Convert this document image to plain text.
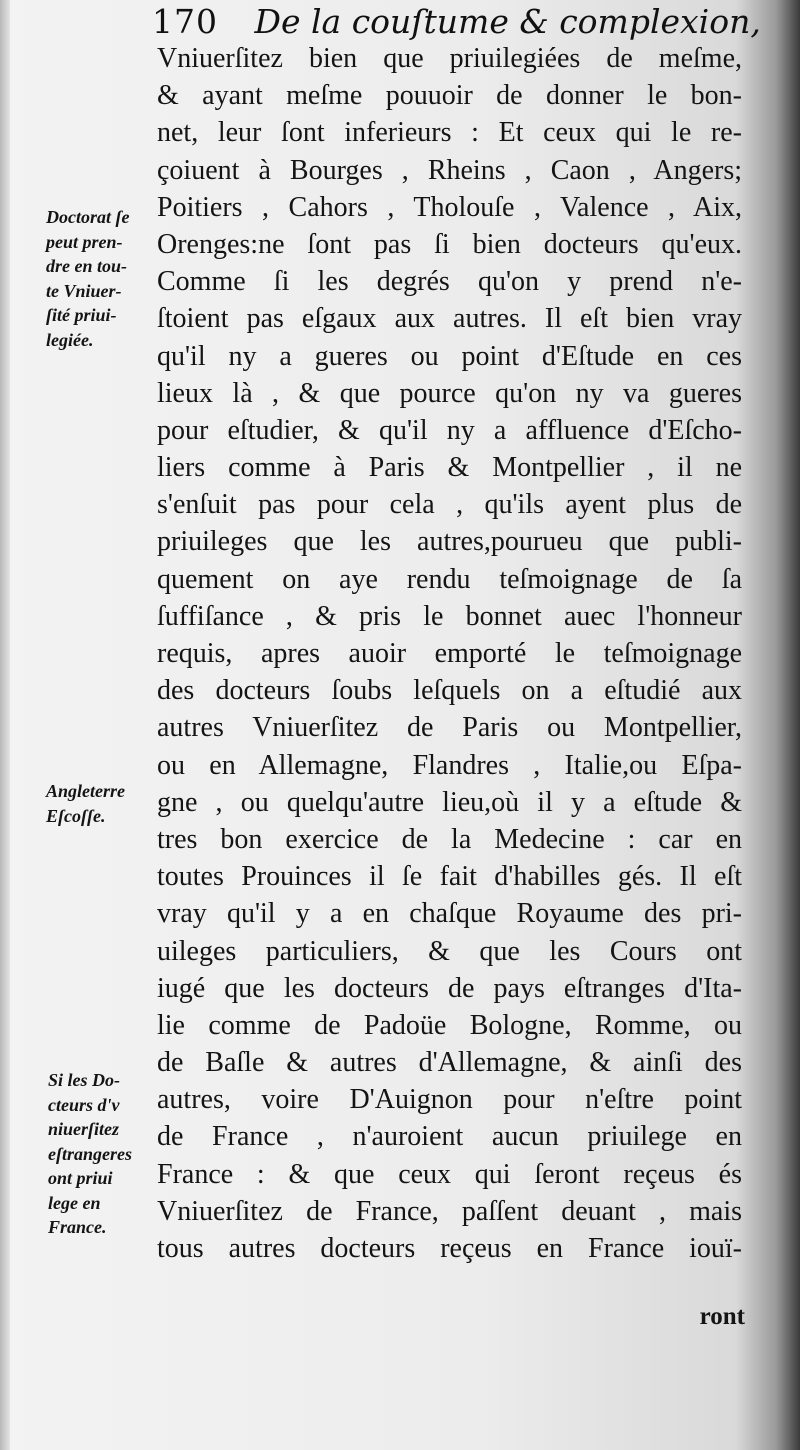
170 De la couſtume & complexion,
Vniuerſitez bien que priuilegiées de meſme,
& ayant meſme pouuoir de donner le bon-
net, leur ſont inferieurs : Et ceux qui le re-
çoiuent à Bourges , Rheins , Caon , Angers;
Poitiers , Cahors , Tholouſe , Valence , Aix,
Orenges:ne ſont pas ſi bien docteurs qu'eux.
Comme ſi les degrés qu'on y prend n'e-
ſtoient pas eſgaux aux autres. Il eſt bien vray
qu'il ny a gueres ou point d'Eſtude en ces
lieux là , & que pource qu'on ny va gueres
pour eſtudier, & qu'il ny a affluence d'Eſcho-
liers comme à Paris & Montpellier , il ne
s'enſuit pas pour cela , qu'ils ayent plus de
priuileges que les autres,pourueu que publi-
quement on aye rendu teſmoignage de ſa
ſuffiſance , & pris le bonnet auec l'honneur
requis, apres auoir emporté le teſmoignage
des docteurs ſoubs leſquels on a eſtudié aux
autres Vniuerſitez de Paris ou Montpellier,
ou en Allemagne, Flandres , Italie,ou Eſpa-
gne , ou quelqu'autre lieu,où il y a eſtude &
tres bon exercice de la Medecine : car en
toutes Prouinces il ſe fait d'habilles gés. Il eſt
vray qu'il y a en chaſque Royaume des pri-
uileges particuliers, & que les Cours ont
iugé que les docteurs de pays eſtranges d'Ita-
lie comme de Padoüe Bologne, Romme, ou
de Baſle & autres d'Allemagne, & ainſi des
autres, voire D'Auignon pour n'eſtre point
de France , n'auroient aucun priuilege en
France : & que ceux qui ſeront reçeus és
Vniuerſitez de France, paſſent deuant , mais
tous autres docteurs reçeus en France iouï-
ront
Doctorat ſe
peut pren-
dre en tou-
te Vniuer-
ſité priui-
legiée.
Angleterre
Eſcoſſe.
Si les Do-
cteurs d'v
niuerſitez
eſtrangeres
ont priui
lege en
France.
